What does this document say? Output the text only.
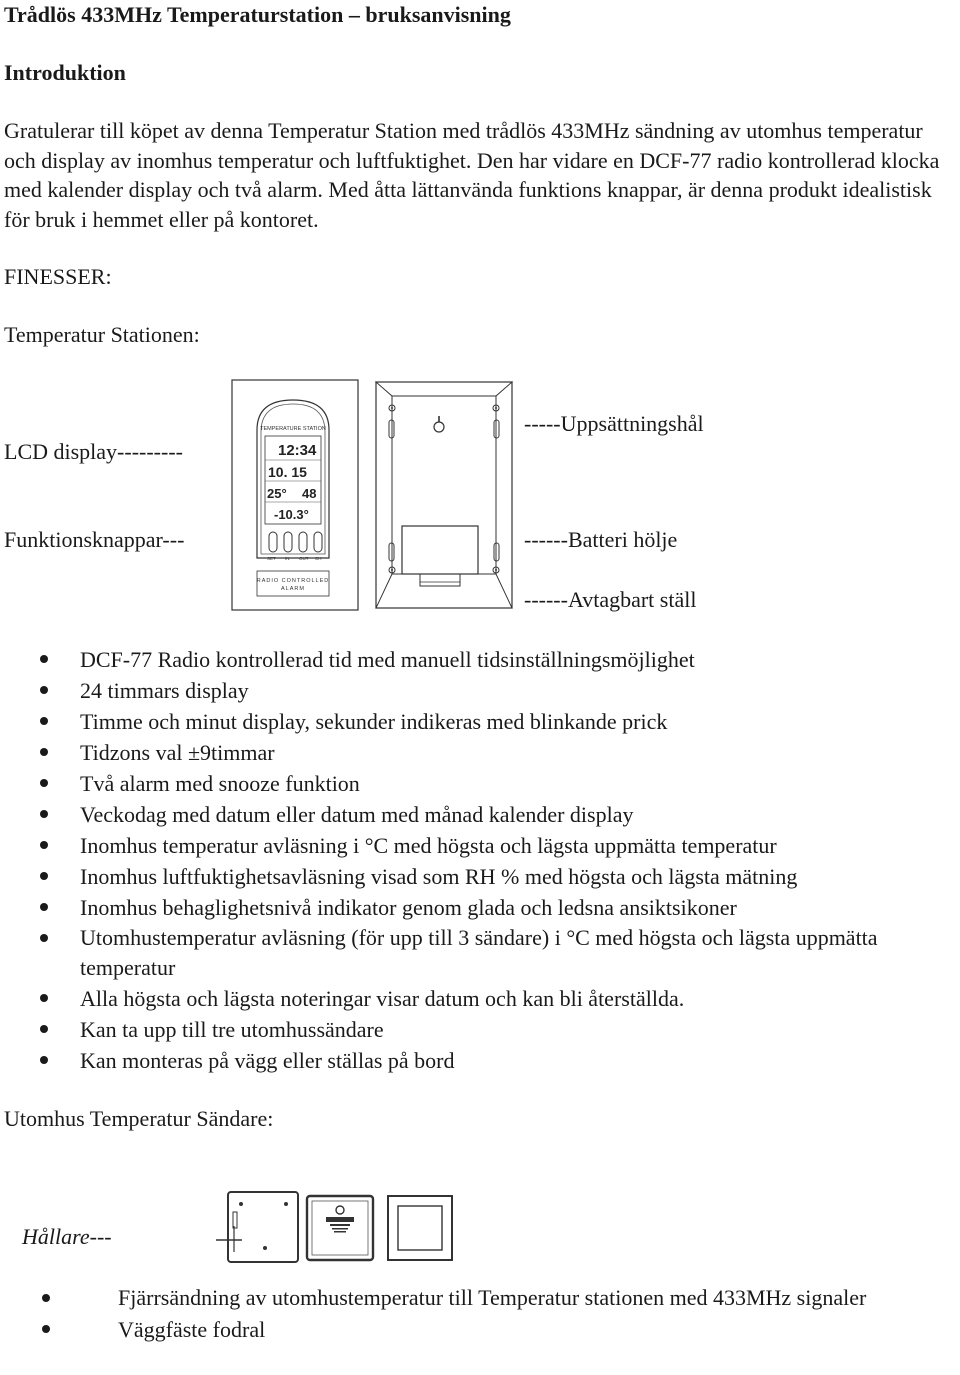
Trådlös 433MHz Temperaturstation – bruksanvisning
Introduktion
Gratulerar till köpet av denna Temperatur Station med trådlös 433MHz sändning av utomhus temperatur och display av inomhus temperatur och luftfuktighet. Den har vidare en DCF-77 radio kontrollerad klocka med kalender display och två alarm. Med åtta lättanvända funktions knappar, är denna produkt idealistisk för bruk i hemmet eller på kontoret.
FINESSER:
Temperatur Stationen:
LCD display---------
Funktionsknappar---
-----Uppsättningshål
------Batteri hölje
------Avtagbart ställ
TEMPERATURE STATION
12:34
10. 15
25° 48
-10.3°
SET IN OUT CH
RADIO CONTROLLED
ALARM
DCF-77 Radio kontrollerad tid med manuell tidsinställningsmöjlighet
24 timmars display
Timme och minut display, sekunder indikeras med blinkande prick
Tidzons val ±9timmar
Två alarm med snooze funktion
Veckodag med datum eller datum med månad kalender display
Inomhus temperatur avläsning i °C med högsta och lägsta uppmätta temperatur
Inomhus luftfuktighetsavläsning visad som RH % med högsta och lägsta mätning
Inomhus behaglighetsnivå indikator genom glada och ledsna ansiktsikoner
Utomhustemperatur avläsning (för upp till 3 sändare) i °C med högsta och lägsta uppmätta temperatur
Alla högsta och lägsta noteringar visar datum och kan bli återställda.
Kan ta upp till tre utomhussändare
Kan monteras på vägg eller ställas på bord
Utomhus Temperatur Sändare:
Hållare---
Fjärrsändning av utomhustemperatur till Temperatur stationen med 433MHz signaler
Väggfäste fodral
